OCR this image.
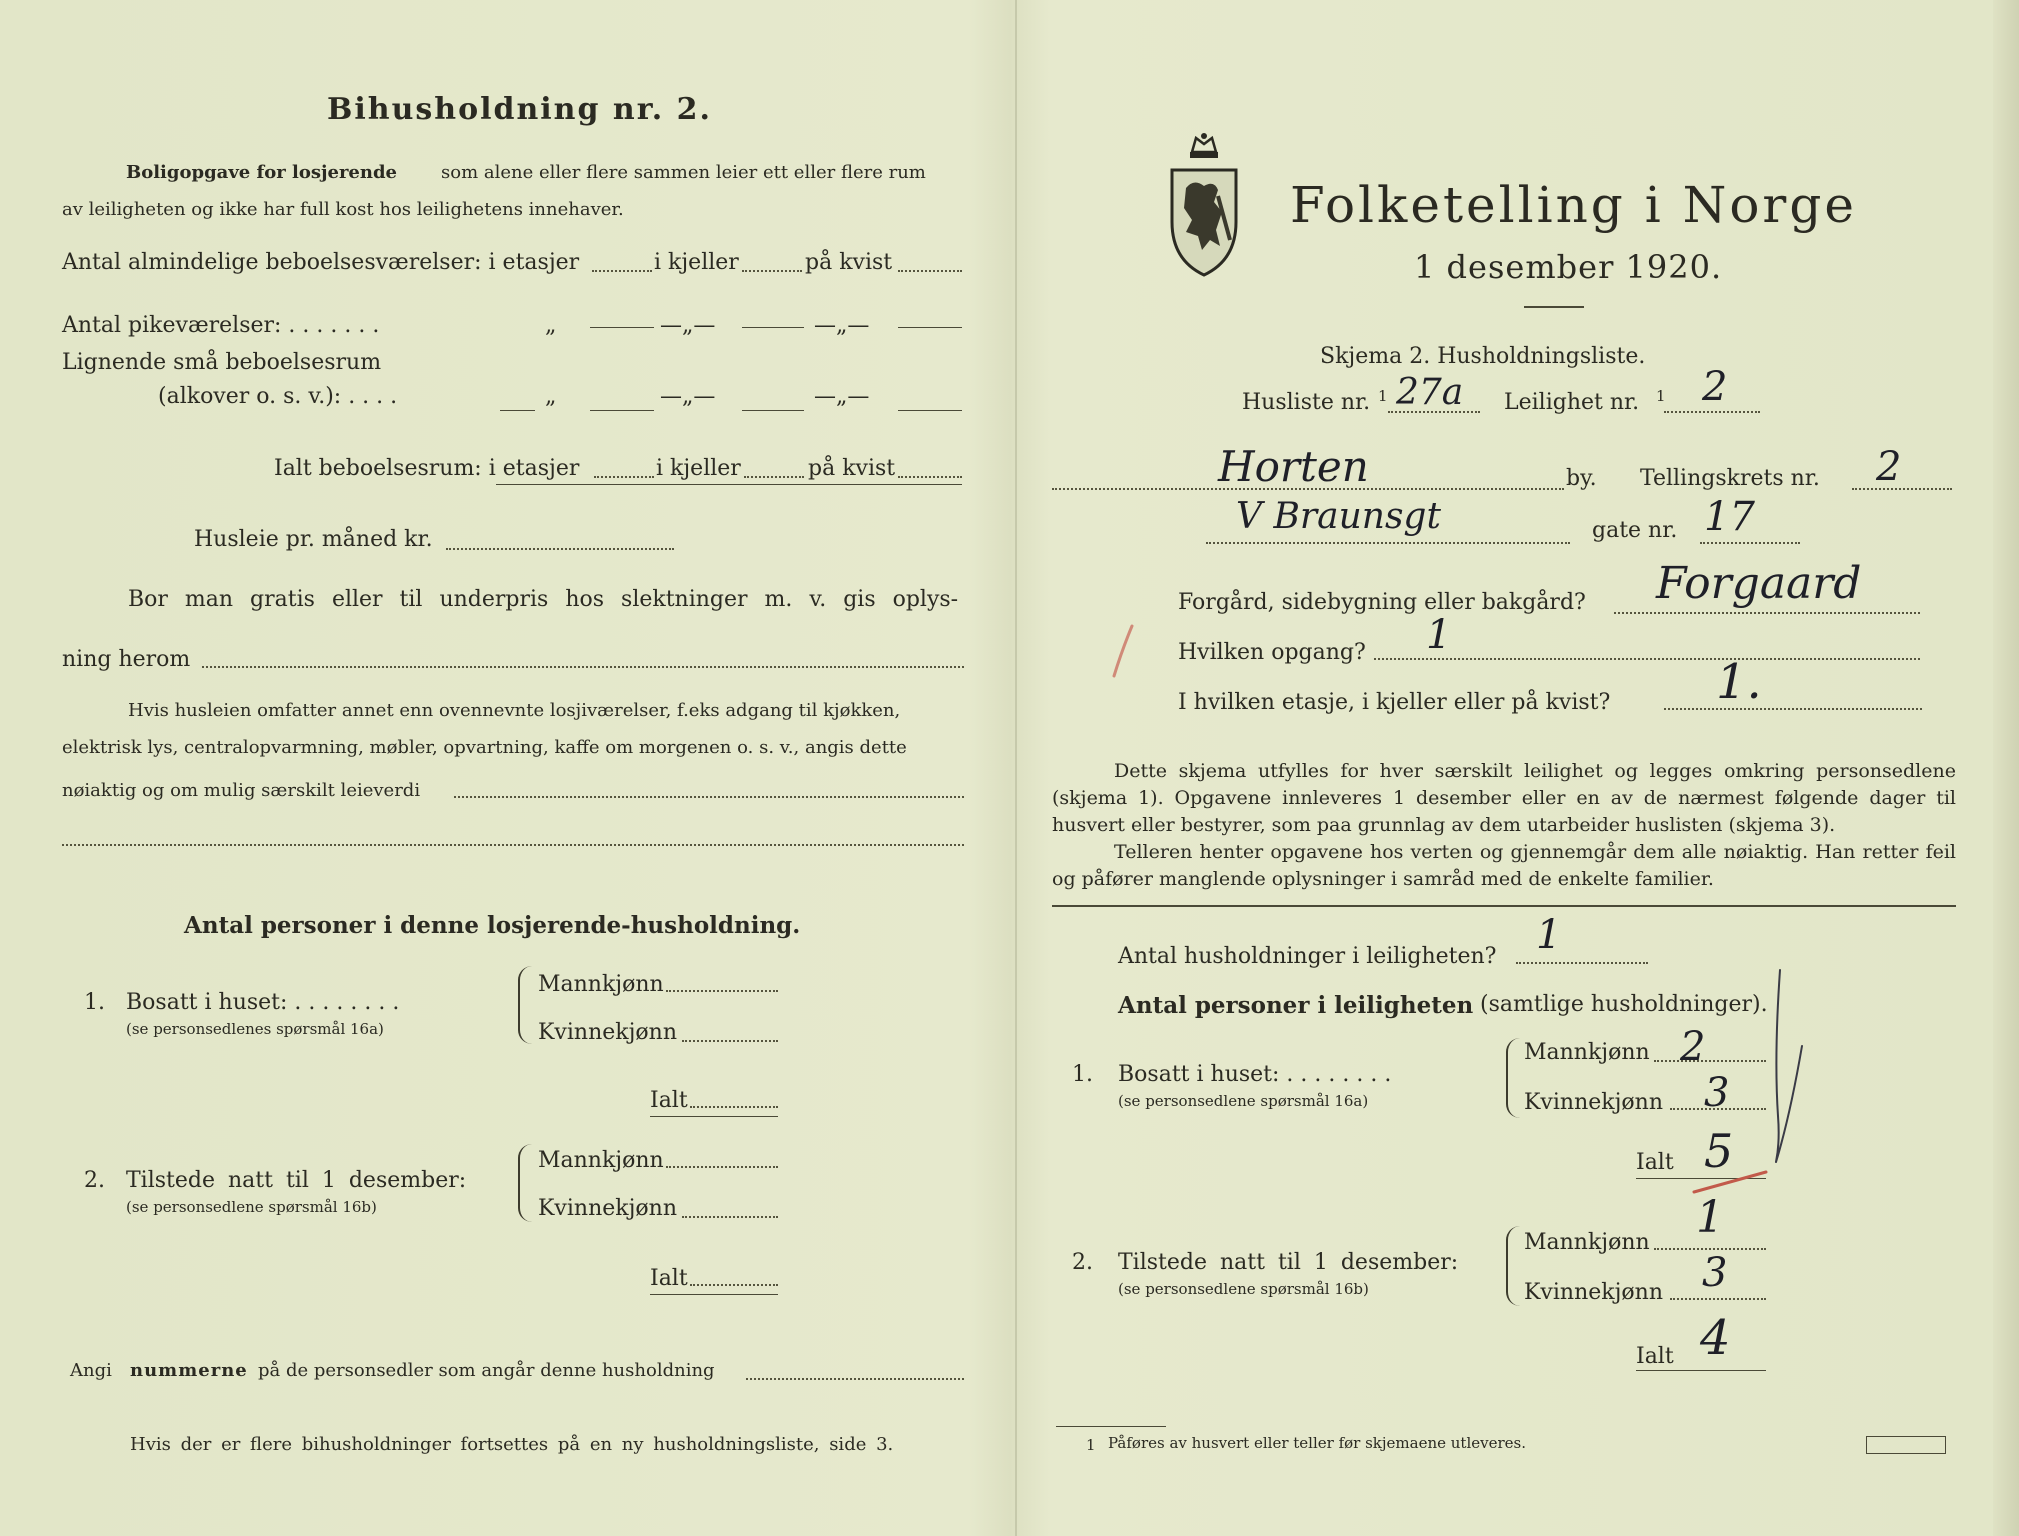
Bihusholdning nr. 2.
Boligopgave for losjerende som alene eller flere sammen leier ett eller flere rum
av leiligheten og ikke har full kost hos leilighetens innehaver.
Antal almindelige beboelsesværelser: i etasjer	i kjeller	på kvist
Antal pikeværelser: . . . . . . .	„	—„—	—„—
Lignende små beboelsesrum
(alkover o. s. v.): . . . .	„	—„—	—„—
Ialt beboelsesrum: i etasjer	i kjeller	på kvist
Husleie pr. måned kr.
Bor man gratis eller til underpris hos slektninger m. v. gis oplys-
ning herom
Hvis husleien omfatter annet enn ovennevnte losjiværelser, f.eks adgang til kjøkken,
elektrisk lys, centralopvarmning, møbler, opvartning, kaffe om morgenen o. s. v., angis dette
nøiaktig og om mulig særskilt leieverdi
Antal personer i denne losjerende-husholdning.
1. Bosatt i huset: . . . . . . . .
(se personsedlenes spørsmål 16a)
Mannkjønn
Kvinnekjønn
Ialt
2. Tilstede natt til 1 desember:
(se personsedlene spørsmål 16b)
Mannkjønn
Kvinnekjønn
Ialt
Angi nummerne på de personsedler som angår denne husholdning
Hvis der er flere bihusholdninger fortsettes på en ny husholdningsliste, side 3.
Folketelling i Norge
1 desember 1920.
Skjema 2. Husholdningsliste.
Husliste nr. 1 27a Leilighet nr. 1 2
Horten	by. Tellingskrets nr. 2
V Braunsgt	gate nr. 17
Forgård, sidebygning eller bakgård? Forgaard
Hvilken opgang? 1
I hvilken etasje, i kjeller eller på kvist? 1.
Dette skjema utfylles for hver særskilt leilighet og legges omkring personsedlene (skjema 1). Opgavene innleveres 1 desember eller en av de nærmest følgende dager til husvert eller bestyrer, som paa grunnlag av dem utarbeider huslisten (skjema 3).
Telleren henter opgavene hos verten og gjennemgår dem alle nøiaktig. Han retter feil og påfører manglende oplysninger i samråd med de enkelte familier.
Antal husholdninger i leiligheten? 1
Antal personer i leiligheten (samtlige husholdninger).
1. Bosatt i huset: . . . . . . . .
(se personsedlene spørsmål 16a)
Mannkjønn 2
Kvinnekjønn 3
Ialt 5
2. Tilstede natt til 1 desember:
(se personsedlene spørsmål 16b)
Mannkjønn 1
Kvinnekjønn 3
Ialt 4
1 Påføres av husvert eller teller før skjemaene utleveres.
